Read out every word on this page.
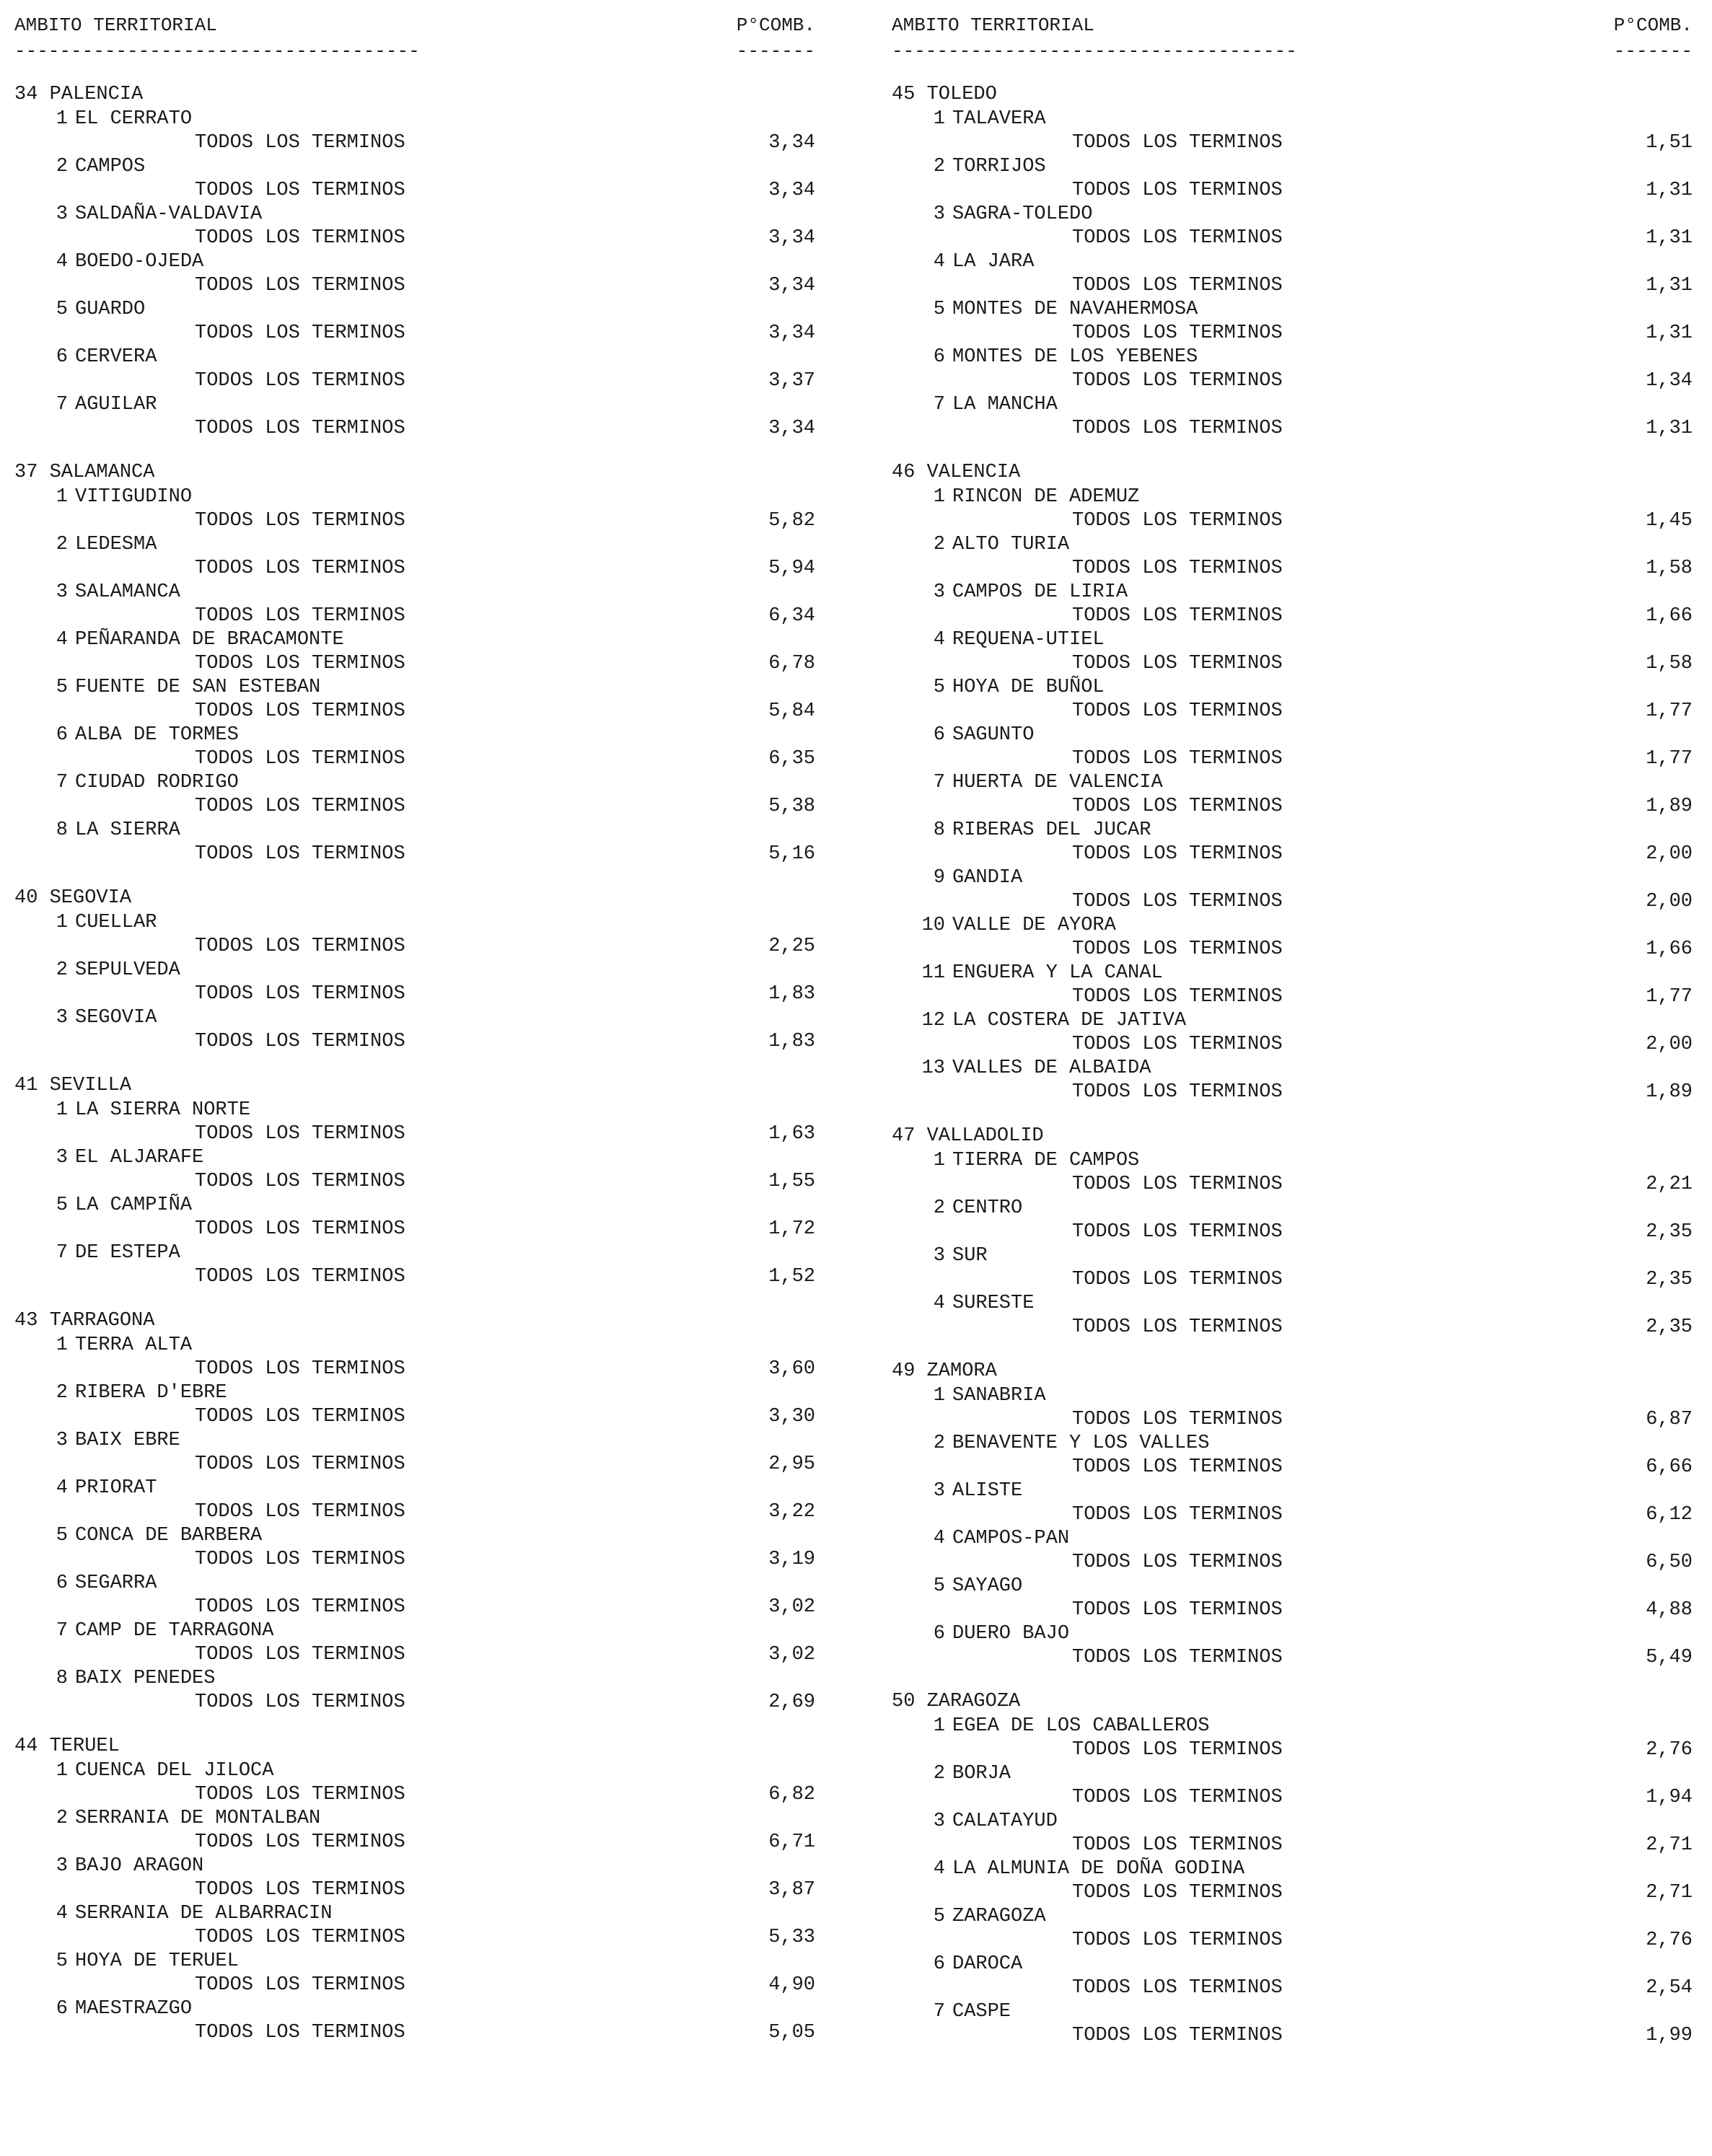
AMBITO TERRITORIAL	P°COMB.
------------------------------------	-------
34 PALENCIA
1 EL CERRATO
TODOS LOS TERMINOS	3,34
2 CAMPOS
TODOS LOS TERMINOS	3,34
3 SALDAÑA-VALDAVIA
TODOS LOS TERMINOS	3,34
4 BOEDO-OJEDA
TODOS LOS TERMINOS	3,34
5 GUARDO
TODOS LOS TERMINOS	3,34
6 CERVERA
TODOS LOS TERMINOS	3,37
7 AGUILAR
TODOS LOS TERMINOS	3,34
37 SALAMANCA
1 VITIGUDINO
TODOS LOS TERMINOS	5,82
2 LEDESMA
TODOS LOS TERMINOS	5,94
3 SALAMANCA
TODOS LOS TERMINOS	6,34
4 PEÑARANDA DE BRACAMONTE
TODOS LOS TERMINOS	6,78
5 FUENTE DE SAN ESTEBAN
TODOS LOS TERMINOS	5,84
6 ALBA DE TORMES
TODOS LOS TERMINOS	6,35
7 CIUDAD RODRIGO
TODOS LOS TERMINOS	5,38
8 LA SIERRA
TODOS LOS TERMINOS	5,16
40 SEGOVIA
1 CUELLAR
TODOS LOS TERMINOS	2,25
2 SEPULVEDA
TODOS LOS TERMINOS	1,83
3 SEGOVIA
TODOS LOS TERMINOS	1,83
41 SEVILLA
1 LA SIERRA NORTE
TODOS LOS TERMINOS	1,63
3 EL ALJARAFE
TODOS LOS TERMINOS	1,55
5 LA CAMPIÑA
TODOS LOS TERMINOS	1,72
7 DE ESTEPA
TODOS LOS TERMINOS	1,52
43 TARRAGONA
1 TERRA ALTA
TODOS LOS TERMINOS	3,60
2 RIBERA D'EBRE
TODOS LOS TERMINOS	3,30
3 BAIX EBRE
TODOS LOS TERMINOS	2,95
4 PRIORAT
TODOS LOS TERMINOS	3,22
5 CONCA DE BARBERA
TODOS LOS TERMINOS	3,19
6 SEGARRA
TODOS LOS TERMINOS	3,02
7 CAMP DE TARRAGONA
TODOS LOS TERMINOS	3,02
8 BAIX PENEDES
TODOS LOS TERMINOS	2,69
44 TERUEL
1 CUENCA DEL JILOCA
TODOS LOS TERMINOS	6,82
2 SERRANIA DE MONTALBAN
TODOS LOS TERMINOS	6,71
3 BAJO ARAGON
TODOS LOS TERMINOS	3,87
4 SERRANIA DE ALBARRACIN
TODOS LOS TERMINOS	5,33
5 HOYA DE TERUEL
TODOS LOS TERMINOS	4,90
6 MAESTRAZGO
TODOS LOS TERMINOS	5,05
AMBITO TERRITORIAL	P°COMB.
------------------------------------	-------
45 TOLEDO
1 TALAVERA
TODOS LOS TERMINOS	1,51
2 TORRIJOS
TODOS LOS TERMINOS	1,31
3 SAGRA-TOLEDO
TODOS LOS TERMINOS	1,31
4 LA JARA
TODOS LOS TERMINOS	1,31
5 MONTES DE NAVAHERMOSA
TODOS LOS TERMINOS	1,31
6 MONTES DE LOS YEBENES
TODOS LOS TERMINOS	1,34
7 LA MANCHA
TODOS LOS TERMINOS	1,31
46 VALENCIA
1 RINCON DE ADEMUZ
TODOS LOS TERMINOS	1,45
2 ALTO TURIA
TODOS LOS TERMINOS	1,58
3 CAMPOS DE LIRIA
TODOS LOS TERMINOS	1,66
4 REQUENA-UTIEL
TODOS LOS TERMINOS	1,58
5 HOYA DE BUÑOL
TODOS LOS TERMINOS	1,77
6 SAGUNTO
TODOS LOS TERMINOS	1,77
7 HUERTA DE VALENCIA
TODOS LOS TERMINOS	1,89
8 RIBERAS DEL JUCAR
TODOS LOS TERMINOS	2,00
9 GANDIA
TODOS LOS TERMINOS	2,00
10 VALLE DE AYORA
TODOS LOS TERMINOS	1,66
11 ENGUERA Y LA CANAL
TODOS LOS TERMINOS	1,77
12 LA COSTERA DE JATIVA
TODOS LOS TERMINOS	2,00
13 VALLES DE ALBAIDA
TODOS LOS TERMINOS	1,89
47 VALLADOLID
1 TIERRA DE CAMPOS
TODOS LOS TERMINOS	2,21
2 CENTRO
TODOS LOS TERMINOS	2,35
3 SUR
TODOS LOS TERMINOS	2,35
4 SURESTE
TODOS LOS TERMINOS	2,35
49 ZAMORA
1 SANABRIA
TODOS LOS TERMINOS	6,87
2 BENAVENTE Y LOS VALLES
TODOS LOS TERMINOS	6,66
3 ALISTE
TODOS LOS TERMINOS	6,12
4 CAMPOS-PAN
TODOS LOS TERMINOS	6,50
5 SAYAGO
TODOS LOS TERMINOS	4,88
6 DUERO BAJO
TODOS LOS TERMINOS	5,49
50 ZARAGOZA
1 EGEA DE LOS CABALLEROS
TODOS LOS TERMINOS	2,76
2 BORJA
TODOS LOS TERMINOS	1,94
3 CALATAYUD
TODOS LOS TERMINOS	2,71
4 LA ALMUNIA DE DOÑA GODINA
TODOS LOS TERMINOS	2,71
5 ZARAGOZA
TODOS LOS TERMINOS	2,76
6 DAROCA
TODOS LOS TERMINOS	2,54
7 CASPE
TODOS LOS TERMINOS	1,99
